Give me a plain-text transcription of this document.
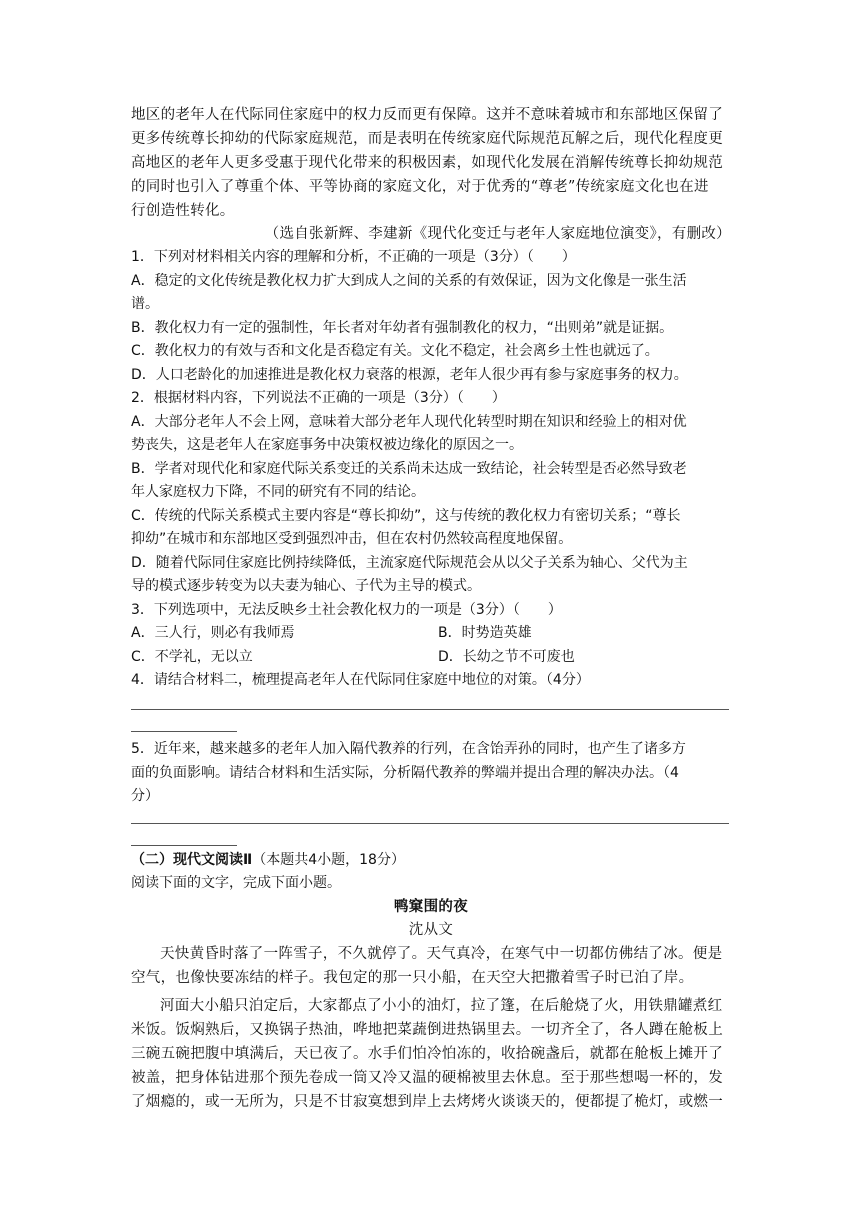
地区的老年人在代际同住家庭中的权力反而更有保障。这并不意味着城市和东部地区保留了
更多传统尊长抑幼的代际家庭规范，而是表明在传统家庭代际规范瓦解之后，现代化程度更
高地区的老年人更多受惠于现代化带来的积极因素，如现代化发展在消解传统尊长抑幼规范
的同时也引入了尊重个体、平等协商的家庭文化，对于优秀的“尊老”传统家庭文化也在进
行创造性转化。
（选自张新辉、李建新《现代化变迁与老年人家庭地位演变》，有删改）
1．下列对材料相关内容的理解和分析，不正确的一项是（3分）（　　）
A．稳定的文化传统是教化权力扩大到成人之间的关系的有效保证，因为文化像是一张生活
谱。
B．教化权力有一定的强制性，年长者对年幼者有强制教化的权力，“出则弟”就是证据。
C．教化权力的有效与否和文化是否稳定有关。文化不稳定，社会离乡土性也就远了。
D．人口老龄化的加速推进是教化权力衰落的根源，老年人很少再有参与家庭事务的权力。
2．根据材料内容，下列说法不正确的一项是（3分）（　　）
A．大部分老年人不会上网，意味着大部分老年人现代化转型时期在知识和经验上的相对优
势丧失，这是老年人在家庭事务中决策权被边缘化的原因之一。
B．学者对现代化和家庭代际关系变迁的关系尚未达成一致结论，社会转型是否必然导致老
年人家庭权力下降，不同的研究有不同的结论。
C．传统的代际关系模式主要内容是“尊长抑幼”，这与传统的教化权力有密切关系；“尊长
抑幼”在城市和东部地区受到强烈冲击，但在农村仍然较高程度地保留。
D．随着代际同住家庭比例持续降低，主流家庭代际规范会从以父子关系为轴心、父代为主
导的模式逐步转变为以夫妻为轴心、子代为主导的模式。
3．下列选项中，无法反映乡土社会教化权力的一项是（3分）（　　）
A．三人行，则必有我师焉	B．时势造英雄
C．不学礼，无以立	D．长幼之节不可废也
4．请结合材料二，梳理提高老年人在代际同住家庭中地位的对策。（4分）
5．近年来，越来越多的老年人加入隔代教养的行列，在含饴弄孙的同时，也产生了诸多方
面的负面影响。请结合材料和生活实际，分析隔代教养的弊端并提出合理的解决办法。（4
分）
（二）现代文阅读Ⅱ（本题共4小题，18分）
阅读下面的文字，完成下面小题。
鸭窠围的夜
沈从文
天快黄昏时落了一阵雪子，不久就停了。天气真冷，在寒气中一切都仿佛结了冰。便是
空气，也像快要冻结的样子。我包定的那一只小船，在天空大把撒着雪子时已泊了岸。
河面大小船只泊定后，大家都点了小小的油灯，拉了篷，在后舱烧了火，用铁鼎罐煮红
米饭。饭焖熟后，又换锅子热油，哗地把菜蔬倒进热锅里去。一切齐全了，各人蹲在舱板上
三碗五碗把腹中填满后，天已夜了。水手们怕冷怕冻的，收拾碗盏后，就都在舱板上摊开了
被盖，把身体钻进那个预先卷成一筒又冷又温的硬棉被里去休息。至于那些想喝一杯的，发
了烟瘾的，或一无所为，只是不甘寂寞想到岸上去烤烤火谈谈天的，便都提了桅灯，或燃一
